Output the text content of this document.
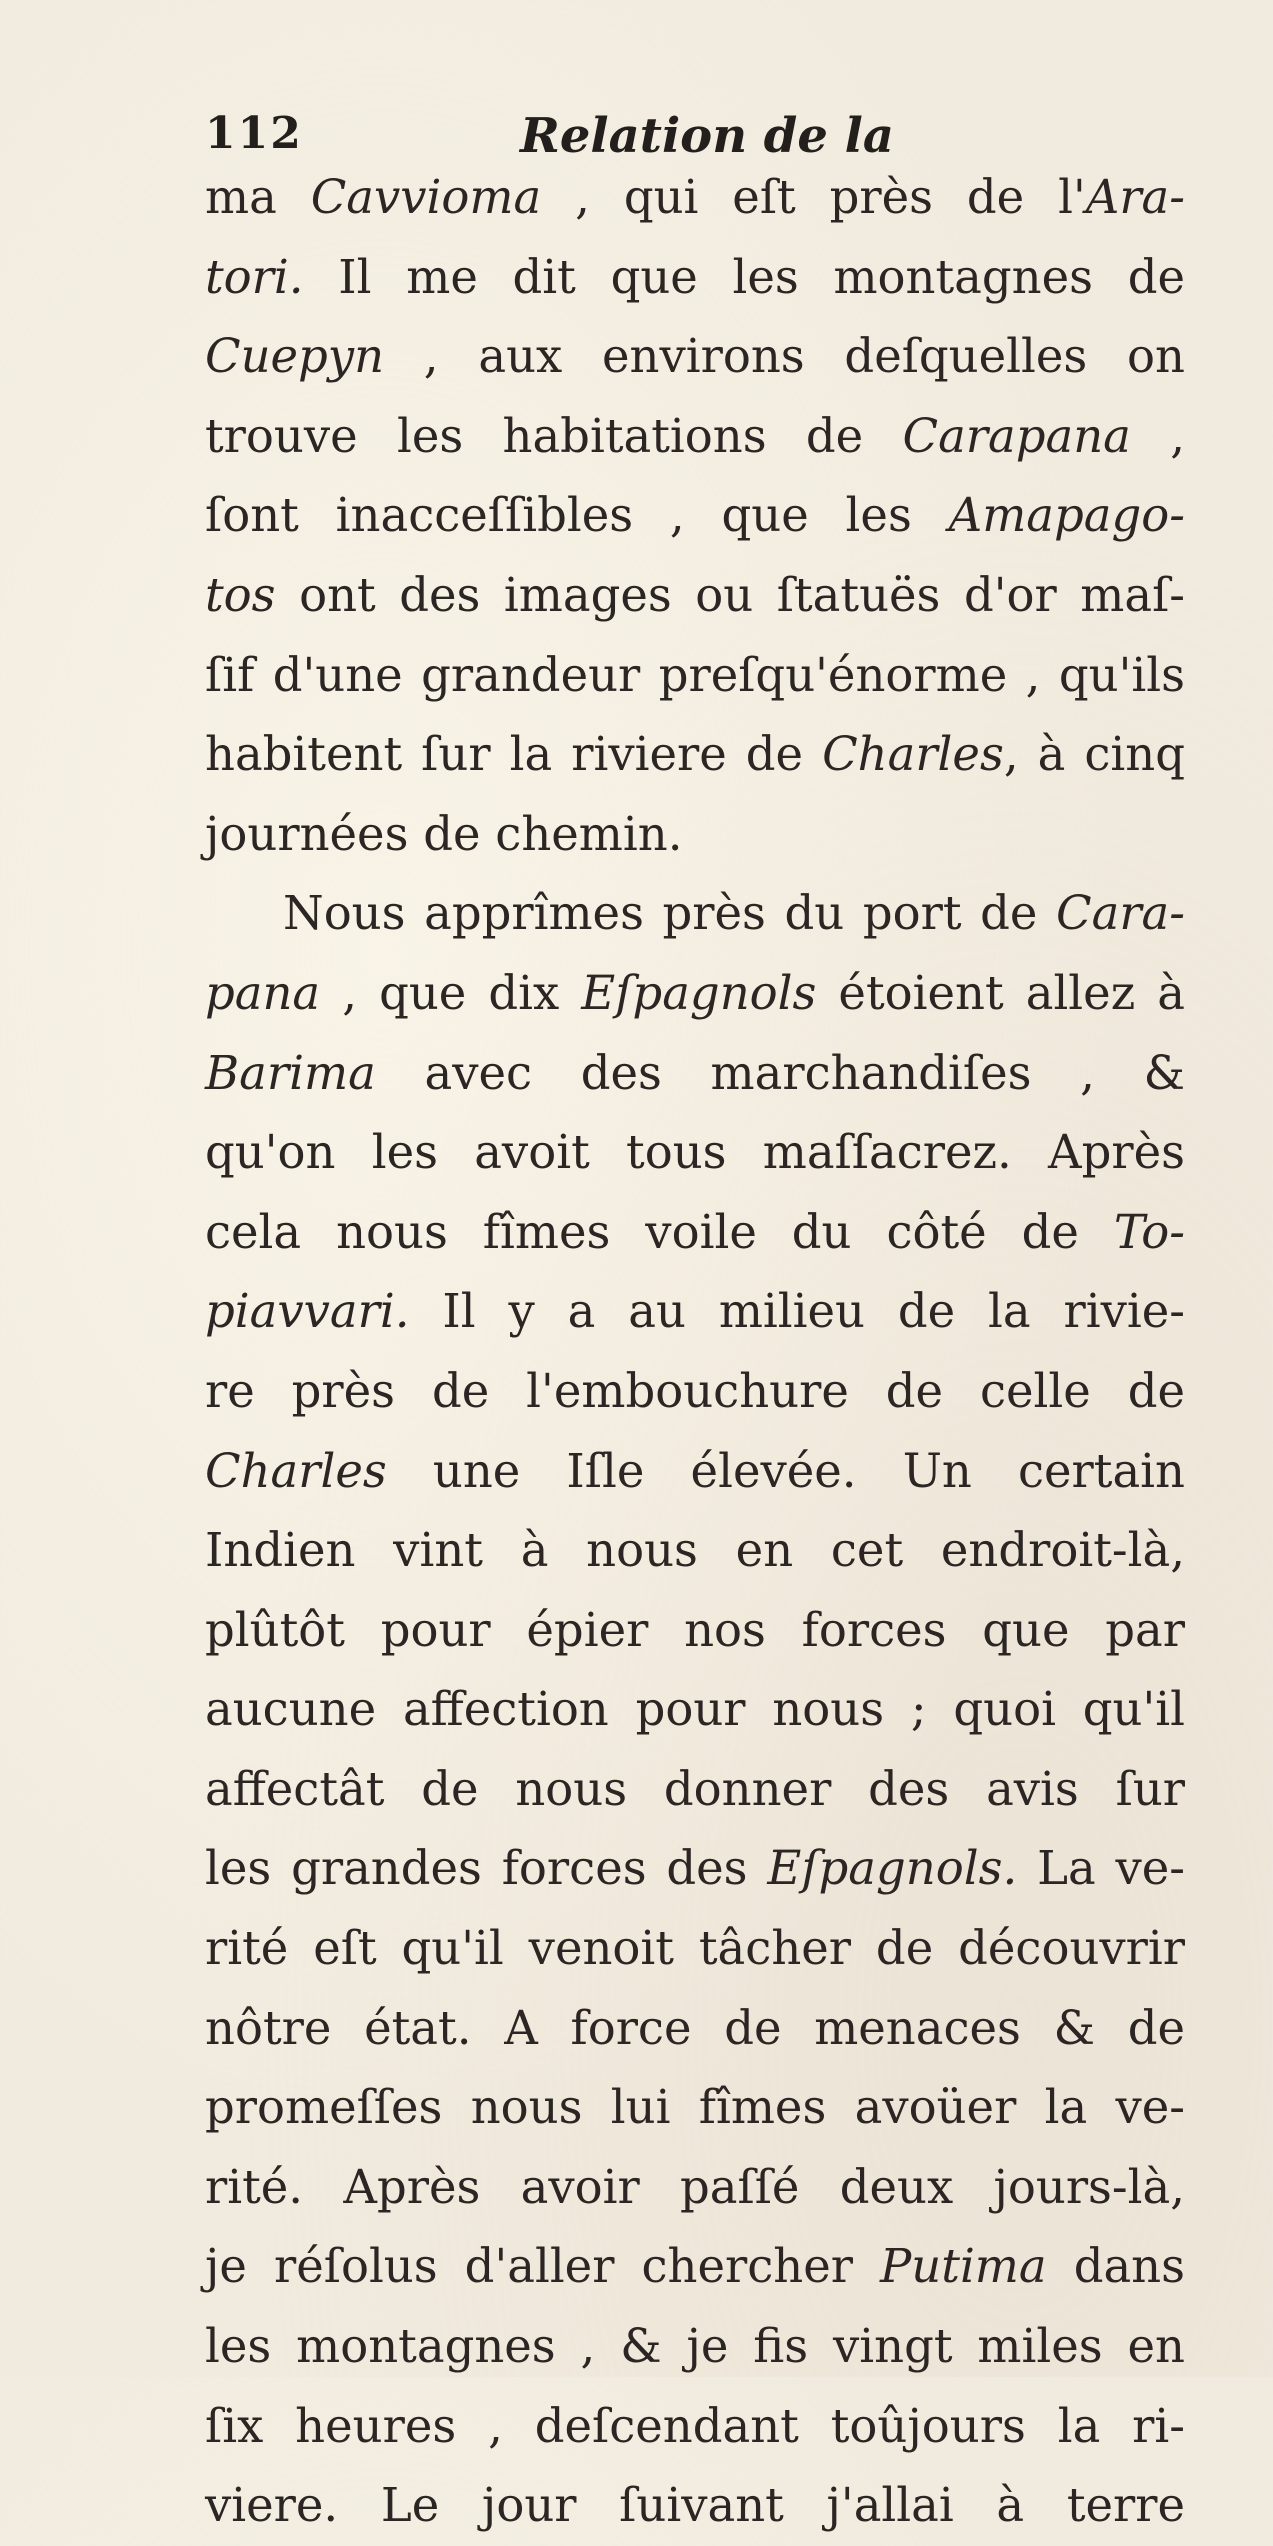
112	Relation de la
ma Cavvioma , qui eſt près de l'Ara-
tori. Il me dit que les montagnes de
Cuepyn , aux environs deſquelles on
trouve les habitations de Carapana ,
ſont inacceſſibles , que les Amapago-
tos ont des images ou ſtatuës d'or maſ-
ſif d'une grandeur preſqu'énorme , qu'ils
habitent ſur la riviere de Charles, à cinq
journées de chemin.
Nous apprîmes près du port de Cara-
pana , que dix Eſpagnols étoient allez à
Barima avec des marchandiſes , &
qu'on les avoit tous maſſacrez. Après
cela nous fîmes voile du côté de To-
piavvari. Il y a au milieu de la rivie-
re près de l'embouchure de celle de
Charles une Iſle élevée. Un certain
Indien vint à nous en cet endroit-là,
plûtôt pour épier nos forces que par
aucune affection pour nous ; quoi qu'il
affectât de nous donner des avis ſur
les grandes forces des Eſpagnols. La ve-
rité eſt qu'il venoit tâcher de découvrir
nôtre état. A force de menaces & de
promeſſes nous lui fîmes avoüer la ve-
rité. Après avoir paſſé deux jours-là,
je réſolus d'aller chercher Putima dans
les montagnes , & je fis vingt miles en
ſix heures , deſcendant toûjours la ri-
viere. Le jour ſuivant j'allai à terre
